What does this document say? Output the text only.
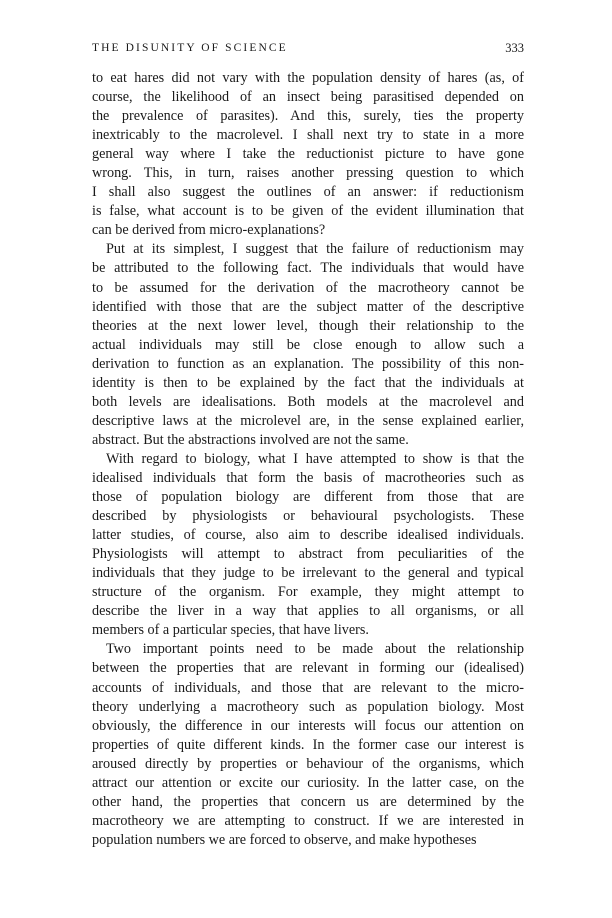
THE DISUNITY OF SCIENCE	333
to eat hares did not vary with the population density of hares (as, of
course, the likelihood of an insect being parasitised depended on
the prevalence of parasites). And this, surely, ties the property
inextricably to the macrolevel. I shall next try to state in a more
general way where I take the reductionist picture to have gone
wrong. This, in turn, raises another pressing question to which
I shall also suggest the outlines of an answer: if reductionism
is false, what account is to be given of the evident illumination that
can be derived from micro-explanations?
Put at its simplest, I suggest that the failure of reductionism may
be attributed to the following fact. The individuals that would have
to be assumed for the derivation of the macrotheory cannot be
identified with those that are the subject matter of the descriptive
theories at the next lower level, though their relationship to the
actual individuals may still be close enough to allow such a
derivation to function as an explanation. The possibility of this non-
identity is then to be explained by the fact that the individuals at
both levels are idealisations. Both models at the macrolevel and
descriptive laws at the microlevel are, in the sense explained earlier,
abstract. But the abstractions involved are not the same.
With regard to biology, what I have attempted to show is that the
idealised individuals that form the basis of macrotheories such as
those of population biology are different from those that are
described by physiologists or behavioural psychologists. These
latter studies, of course, also aim to describe idealised individuals.
Physiologists will attempt to abstract from peculiarities of the
individuals that they judge to be irrelevant to the general and typical
structure of the organism. For example, they might attempt to
describe the liver in a way that applies to all organisms, or all
members of a particular species, that have livers.
Two important points need to be made about the relationship
between the properties that are relevant in forming our (idealised)
accounts of individuals, and those that are relevant to the micro-
theory underlying a macrotheory such as population biology. Most
obviously, the difference in our interests will focus our attention on
properties of quite different kinds. In the former case our interest is
aroused directly by properties or behaviour of the organisms, which
attract our attention or excite our curiosity. In the latter case, on the
other hand, the properties that concern us are determined by the
macrotheory we are attempting to construct. If we are interested in
population numbers we are forced to observe, and make hypotheses
